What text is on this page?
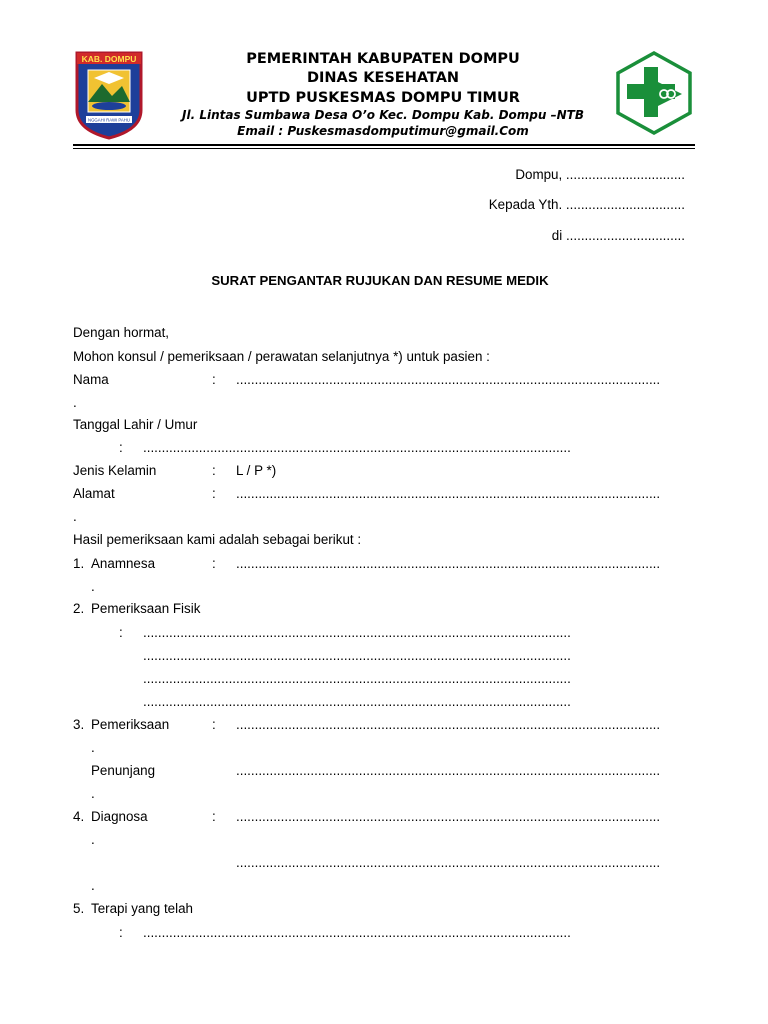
KAB. DOMPU
NGGAHI RAWI PAHU
PEMERINTAH KABUPATEN DOMPU
DINAS KESEHATAN
UPTD PUSKESMAS DOMPU TIMUR
Jl. Lintas Sumbawa Desa O’o Kec. Dompu Kab. Dompu –NTB
Email : Puskesmasdomputimur@gmail.Com
Dompu, ................................
Kepada Yth. ................................
di ................................
SURAT PENGANTAR RUJUKAN DAN RESUME MEDIK
Dengan hormat,
Mohon konsul / pemeriksaan / perawatan selanjutnya *) untuk pasien :
Nama	: ..................................................................................................................
.
Tanggal Lahir / Umur
: ...................................................................................................................
Jenis Kelamin	: L / P *)
Alamat	: ..................................................................................................................
.
Hasil pemeriksaan kami adalah sebagai berikut :
1. Anamnesa	: ..................................................................................................................
.
2. Pemeriksaan Fisik
: ...................................................................................................................
...................................................................................................................
...................................................................................................................
...................................................................................................................
3. Pemeriksaan	: ..................................................................................................................
.
Penunjang	..................................................................................................................
.
4. Diagnosa	: ..................................................................................................................
.
..................................................................................................................
.
5. Terapi yang telah
: ...................................................................................................................
